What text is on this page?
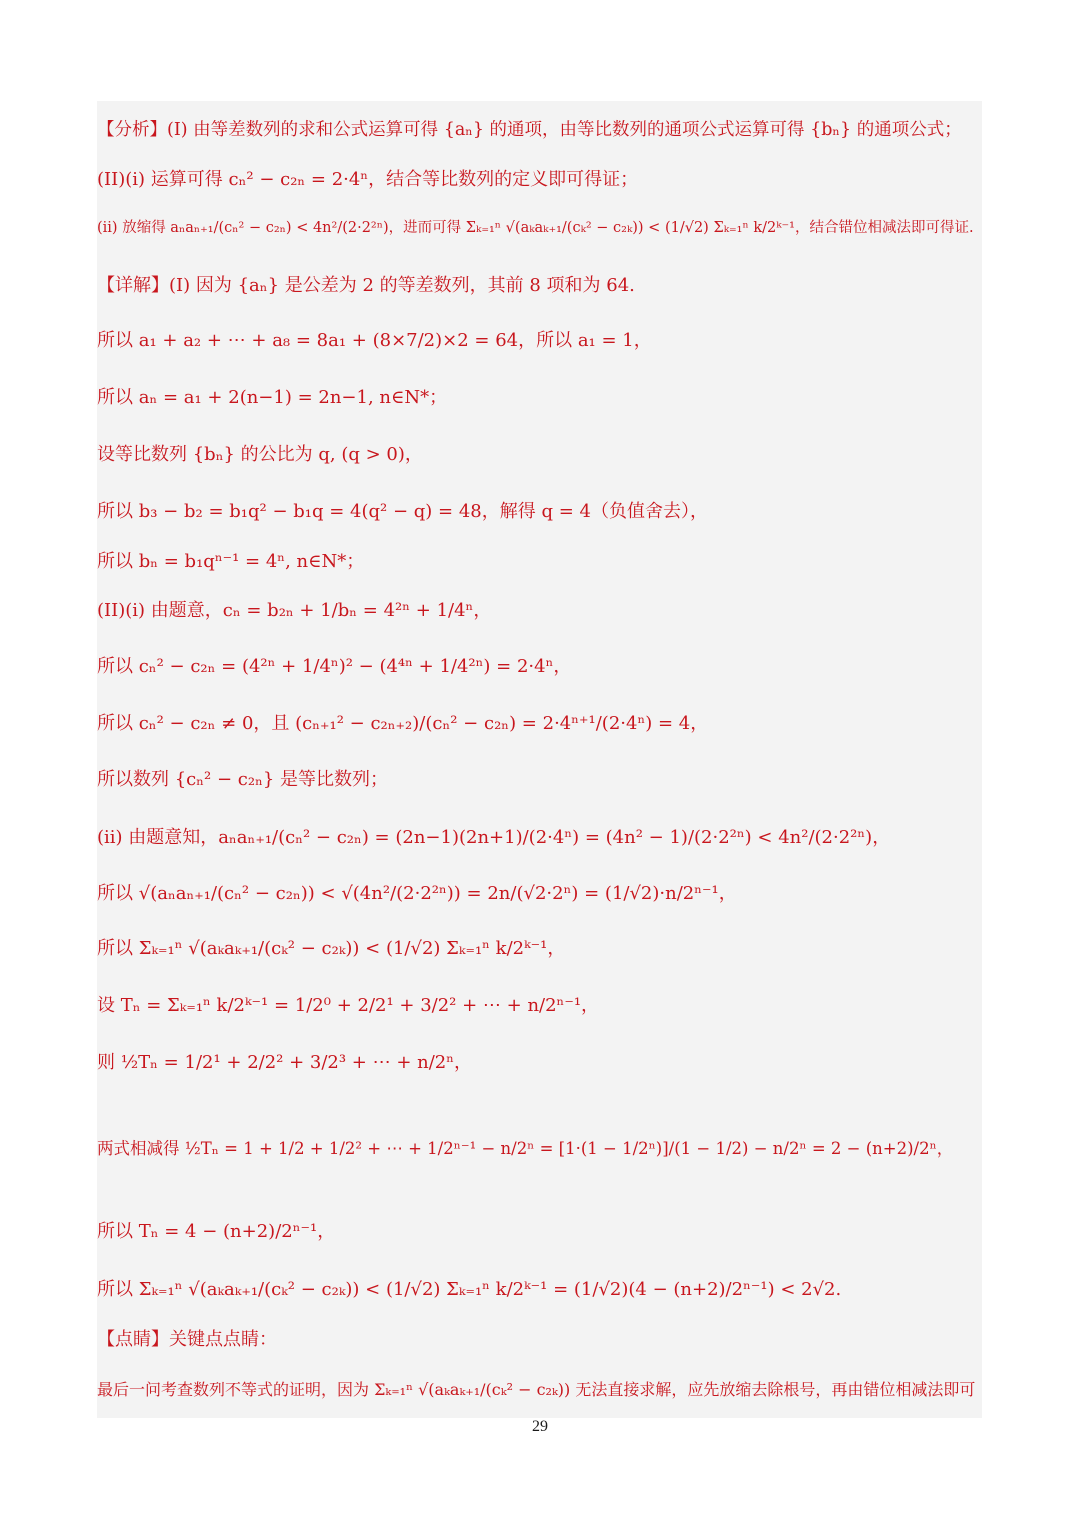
【分析】(I) 由等差数列的求和公式运算可得 {aₙ} 的通项，由等比数列的通项公式运算可得 {bₙ} 的通项公式；
(II)(i) 运算可得 cₙ² − c₂ₙ = 2·4ⁿ，结合等比数列的定义即可得证；
(ii) 放缩得 aₙaₙ₊₁/(cₙ² − c₂ₙ) < 4n²/(2·2²ⁿ)，进而可得 Σₖ₌₁ⁿ √(aₖaₖ₊₁/(cₖ² − c₂ₖ)) < (1/√2) Σₖ₌₁ⁿ k/2ᵏ⁻¹，结合错位相减法即可得证.
【详解】(I) 因为 {aₙ} 是公差为 2 的等差数列，其前 8 项和为 64.
所以 a₁ + a₂ + ⋯ + a₈ = 8a₁ + (8×7/2)×2 = 64，所以 a₁ = 1，
所以 aₙ = a₁ + 2(n−1) = 2n−1, n∈N*；
设等比数列 {bₙ} 的公比为 q, (q > 0)，
所以 b₃ − b₂ = b₁q² − b₁q = 4(q² − q) = 48，解得 q = 4（负值舍去），
所以 bₙ = b₁qⁿ⁻¹ = 4ⁿ, n∈N*；
(II)(i) 由题意，cₙ = b₂ₙ + 1/bₙ = 4²ⁿ + 1/4ⁿ，
所以 cₙ² − c₂ₙ = (4²ⁿ + 1/4ⁿ)² − (4⁴ⁿ + 1/4²ⁿ) = 2·4ⁿ，
所以 cₙ² − c₂ₙ ≠ 0，且 (cₙ₊₁² − c₂ₙ₊₂)/(cₙ² − c₂ₙ) = 2·4ⁿ⁺¹/(2·4ⁿ) = 4，
所以数列 {cₙ² − c₂ₙ} 是等比数列；
(ii) 由题意知，aₙaₙ₊₁/(cₙ² − c₂ₙ) = (2n−1)(2n+1)/(2·4ⁿ) = (4n² − 1)/(2·2²ⁿ) < 4n²/(2·2²ⁿ)，
所以 √(aₙaₙ₊₁/(cₙ² − c₂ₙ)) < √(4n²/(2·2²ⁿ)) = 2n/(√2·2ⁿ) = (1/√2)·n/2ⁿ⁻¹，
所以 Σₖ₌₁ⁿ √(aₖaₖ₊₁/(cₖ² − c₂ₖ)) < (1/√2) Σₖ₌₁ⁿ k/2ᵏ⁻¹，
设 Tₙ = Σₖ₌₁ⁿ k/2ᵏ⁻¹ = 1/2⁰ + 2/2¹ + 3/2² + ⋯ + n/2ⁿ⁻¹，
则 ½Tₙ = 1/2¹ + 2/2² + 3/2³ + ⋯ + n/2ⁿ，
两式相减得 ½Tₙ = 1 + 1/2 + 1/2² + ⋯ + 1/2ⁿ⁻¹ − n/2ⁿ = [1·(1 − 1/2ⁿ)]/(1 − 1/2) − n/2ⁿ = 2 − (n+2)/2ⁿ，
所以 Tₙ = 4 − (n+2)/2ⁿ⁻¹，
所以 Σₖ₌₁ⁿ √(aₖaₖ₊₁/(cₖ² − c₂ₖ)) < (1/√2) Σₖ₌₁ⁿ k/2ᵏ⁻¹ = (1/√2)(4 − (n+2)/2ⁿ⁻¹) < 2√2.
【点睛】关键点点睛：
最后一问考查数列不等式的证明，因为 Σₖ₌₁ⁿ √(aₖaₖ₊₁/(cₖ² − c₂ₖ)) 无法直接求解，应先放缩去除根号，再由错位相减法即可
29
